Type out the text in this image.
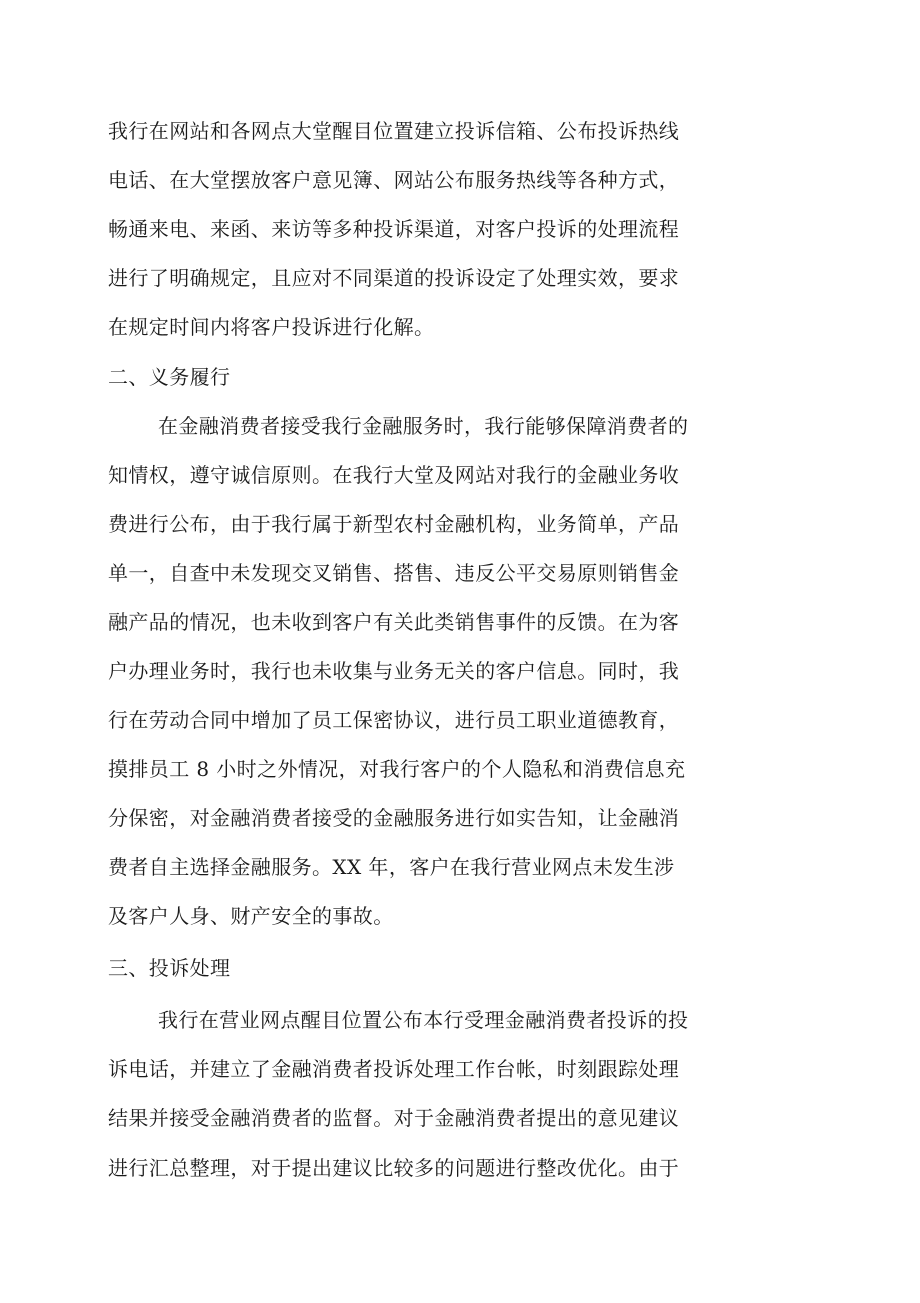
我行在网站和各网点大堂醒目位置建立投诉信箱、公布投诉热线
电话、在大堂摆放客户意见簿、网站公布服务热线等各种方式，
畅通来电、来函、来访等多种投诉渠道，对客户投诉的处理流程
进行了明确规定，且应对不同渠道的投诉设定了处理实效，要求
在规定时间内将客户投诉进行化解。
二、义务履行
在金融消费者接受我行金融服务时，我行能够保障消费者的
知情权，遵守诚信原则。在我行大堂及网站对我行的金融业务收
费进行公布，由于我行属于新型农村金融机构，业务简单，产品
单一，自查中未发现交叉销售、搭售、违反公平交易原则销售金
融产品的情况，也未收到客户有关此类销售事件的反馈。在为客
户办理业务时，我行也未收集与业务无关的客户信息。同时，我
行在劳动合同中增加了员工保密协议，进行员工职业道德教育，
摸排员工 8 小时之外情况，对我行客户的个人隐私和消费信息充
分保密，对金融消费者接受的金融服务进行如实告知，让金融消
费者自主选择金融服务。XX 年，客户在我行营业网点未发生涉
及客户人身、财产安全的事故。
三、投诉处理
我行在营业网点醒目位置公布本行受理金融消费者投诉的投
诉电话，并建立了金融消费者投诉处理工作台帐，时刻跟踪处理
结果并接受金融消费者的监督。对于金融消费者提出的意见建议
进行汇总整理，对于提出建议比较多的问题进行整改优化。由于
